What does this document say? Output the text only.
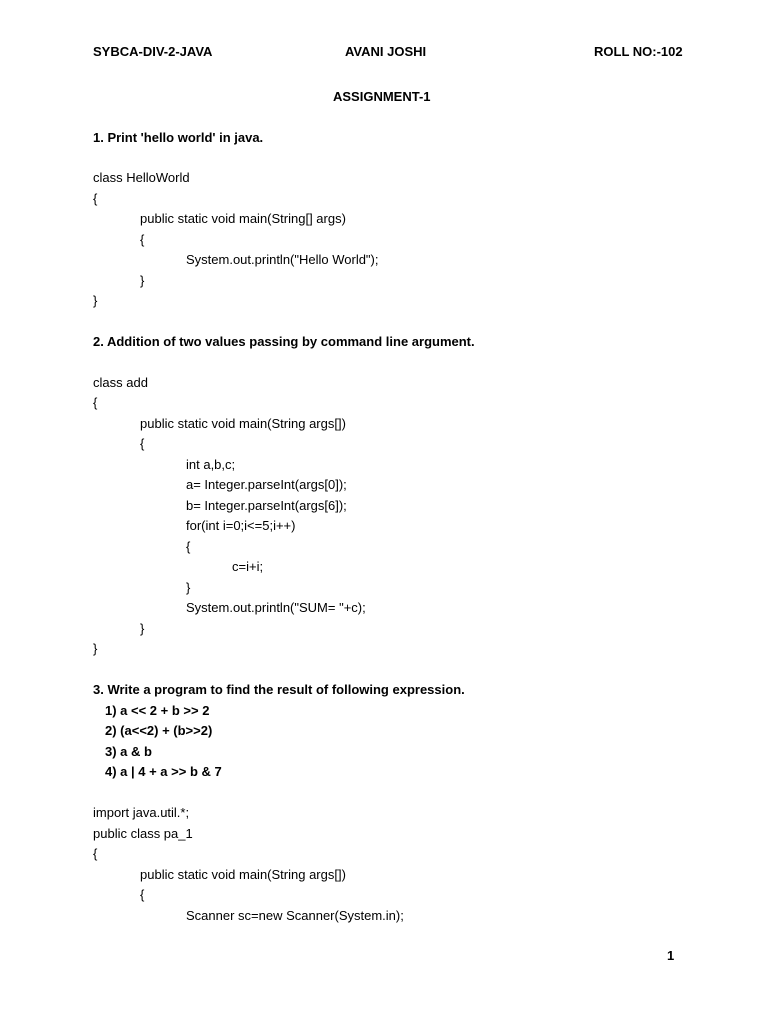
SYBCA-DIV-2-JAVA	AVANI JOSHI	ROLL NO:-102
ASSIGNMENT-1
1. Print 'hello world' in java.
class HelloWorld
{
public static void main(String[] args)
{
System.out.println("Hello World");
}
}
2. Addition of two values passing by command line argument.
class add
{
public static void main(String args[])
{
int a,b,c;
a= Integer.parseInt(args[0]);
b= Integer.parseInt(args[6]);
for(int i=0;i<=5;i++)
{
c=i+i;
}
System.out.println("SUM= "+c);
}
}
3. Write a program to find the result of following expression.
1) a << 2 + b >> 2
2) (a<<2) + (b>>2)
3) a & b
4) a | 4 + a >> b & 7
import java.util.*;
public class pa_1
{
public static void main(String args[])
{
Scanner sc=new Scanner(System.in);
1
